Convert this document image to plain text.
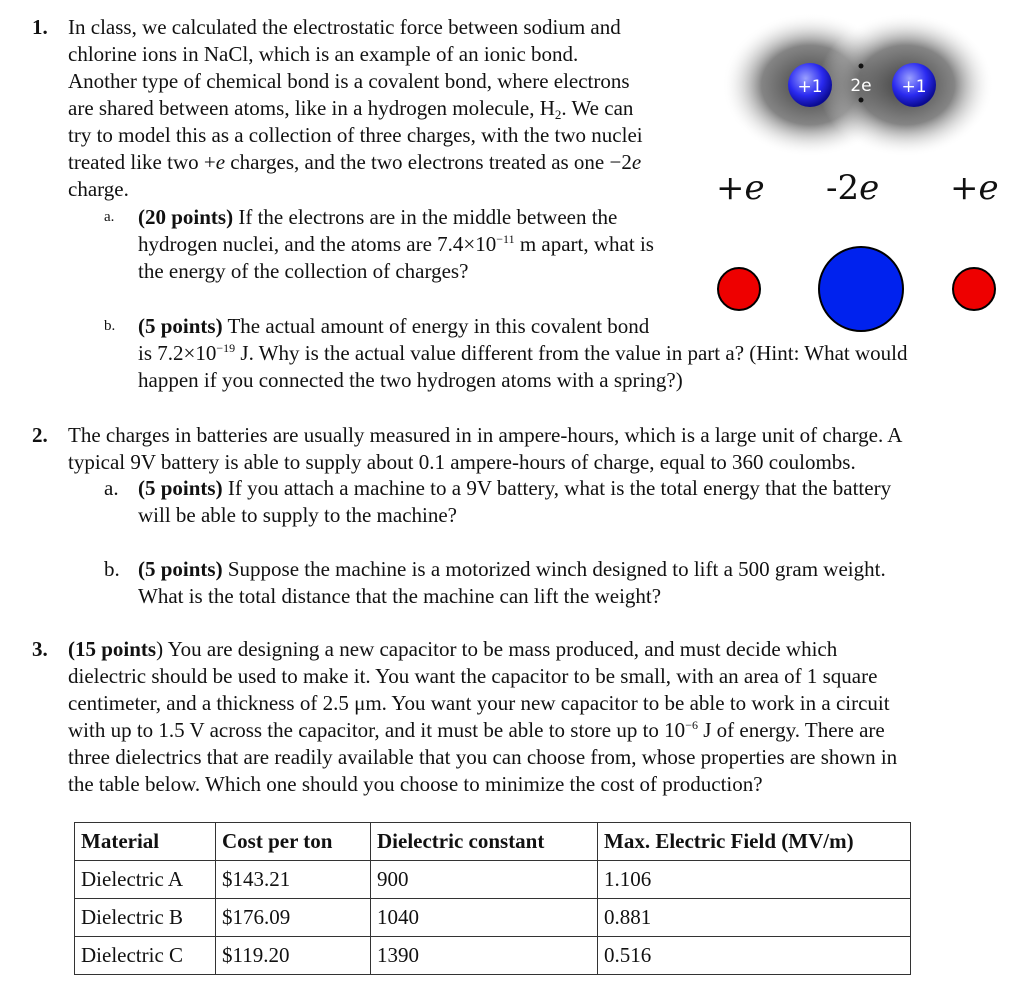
1. In class, we calculated the electrostatic force between sodium and
chlorine ions in NaCl, which is an example of an ionic bond.
Another type of chemical bond is a covalent bond, where electrons
are shared between atoms, like in a hydrogen molecule, $H_2$. We can
try to model this as a collection of three charges, with the two nuclei
treated like two +e charges, and the two electrons treated as one −2e
charge.
a. (20 points) If the electrons are in the middle between the
hydrogen nuclei, and the atoms are $7.4\times 10^{-11}$ m apart, what is
the energy of the collection of charges?
b. (5 points) The actual amount of energy in this covalent bond
is $7.2\times 10^{-19}$ J. Why is the actual value different from the value in part a? (Hint: What would
happen if you connected the two hydrogen atoms with a spring?)
+1	+1
2e
+e -2e +e
2. The charges in batteries are usually measured in in ampere-hours, which is a large unit of charge. A
typical 9V battery is able to supply about 0.1 ampere-hours of charge, equal to 360 coulombs.
a. (5 points) If you attach a machine to a 9V battery, what is the total energy that the battery
will be able to supply to the machine?
b. (5 points) Suppose the machine is a motorized winch designed to lift a 500 gram weight.
What is the total distance that the machine can lift the weight?
3. (15 points) You are designing a new capacitor to be mass produced, and must decide which
dielectric should be used to make it. You want the capacitor to be small, with an area of 1 square
centimeter, and a thickness of 2.5 μm. You want your new capacitor to be able to work in a circuit
with up to 1.5 V across the capacitor, and it must be able to store up to $10^{-6}$ J of energy. There are
three dielectrics that are readily available that you can choose from, whose properties are shown in
the table below. Which one should you choose to minimize the cost of production?
Material	Cost per ton	Dielectric constant	Max. Electric Field (MV/m)
Dielectric A	$143.21	900	1.106
Dielectric B	$176.09	1040	0.881
Dielectric C	$119.20	1390	0.516
